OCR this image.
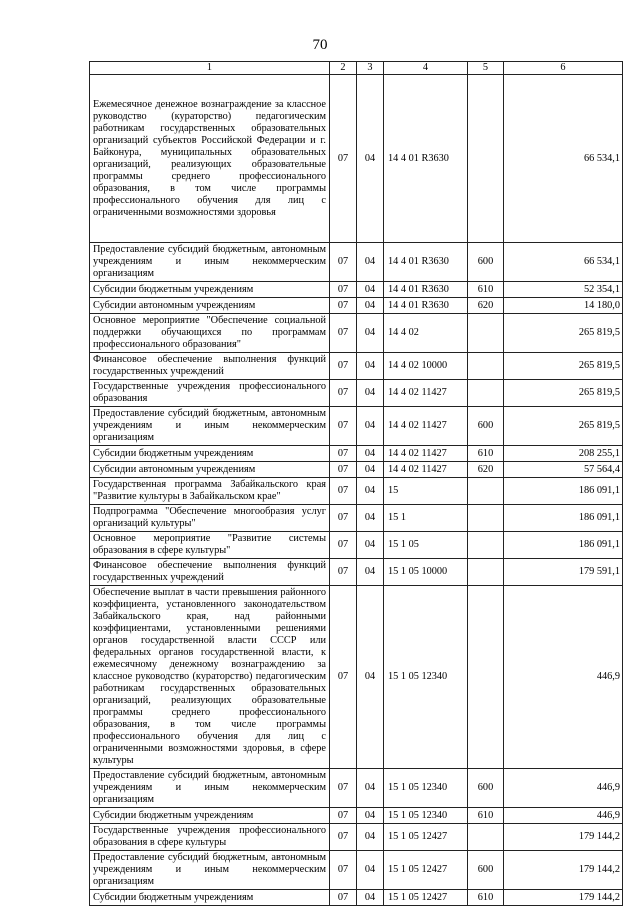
70
1	2	3	4	5	6
Ежемесячное денежное вознаграждение за классное руководство (кураторство) педагогическим работникам государственных образовательных организаций субъектов Российской Федерации и г. Байконура, муниципальных образовательных организаций, реализующих образовательные программы среднего профессионального образования, в том числе программы профессионального обучения для лиц с ограниченными возможностями здоровья	07	04	14 4 01 R3630		66 534,1
Предоставление субсидий бюджетным, автономным учреждениям и иным некоммерческим организациям	07	04	14 4 01 R3630	600	66 534,1
Субсидии бюджетным учреждениям	07	04	14 4 01 R3630	610	52 354,1
Субсидии автономным учреждениям	07	04	14 4 01 R3630	620	14 180,0
Основное мероприятие "Обеспечение социальной поддержки обучающихся по программам профессионального образования"	07	04	14 4 02		265 819,5
Финансовое обеспечение выполнения функций государственных учреждений	07	04	14 4 02 10000		265 819,5
Государственные учреждения профессионального образования	07	04	14 4 02 11427		265 819,5
Предоставление субсидий бюджетным, автономным учреждениям и иным некоммерческим организациям	07	04	14 4 02 11427	600	265 819,5
Субсидии бюджетным учреждениям	07	04	14 4 02 11427	610	208 255,1
Субсидии автономным учреждениям	07	04	14 4 02 11427	620	57 564,4
Государственная программа Забайкальского края "Развитие культуры в Забайкальском крае"	07	04	15		186 091,1
Подпрограмма "Обеспечение многообразия услуг организаций культуры"	07	04	15 1		186 091,1
Основное мероприятие "Развитие системы образования в сфере культуры"	07	04	15 1 05		186 091,1
Финансовое обеспечение выполнения функций государственных учреждений	07	04	15 1 05 10000		179 591,1
Обеспечение выплат в части превышения районного коэффициента, установленного законодательством Забайкальского края, над районными коэффициентами, установленными решениями органов государственной власти СССР или федеральных органов государственной власти, к ежемесячному денежному вознаграждению за классное руководство (кураторство) педагогическим работникам государственных образовательных организаций, реализующих образовательные программы среднего профессионального образования, в том числе программы профессионального обучения для лиц с ограниченными возможностями здоровья, в сфере культуры	07	04	15 1 05 12340		446,9
Предоставление субсидий бюджетным, автономным учреждениям и иным некоммерческим организациям	07	04	15 1 05 12340	600	446,9
Субсидии бюджетным учреждениям	07	04	15 1 05 12340	610	446,9
Государственные учреждения профессионального образования в сфере культуры	07	04	15 1 05 12427		179 144,2
Предоставление субсидий бюджетным, автономным учреждениям и иным некоммерческим организациям	07	04	15 1 05 12427	600	179 144,2
Субсидии бюджетным учреждениям	07	04	15 1 05 12427	610	179 144,2
